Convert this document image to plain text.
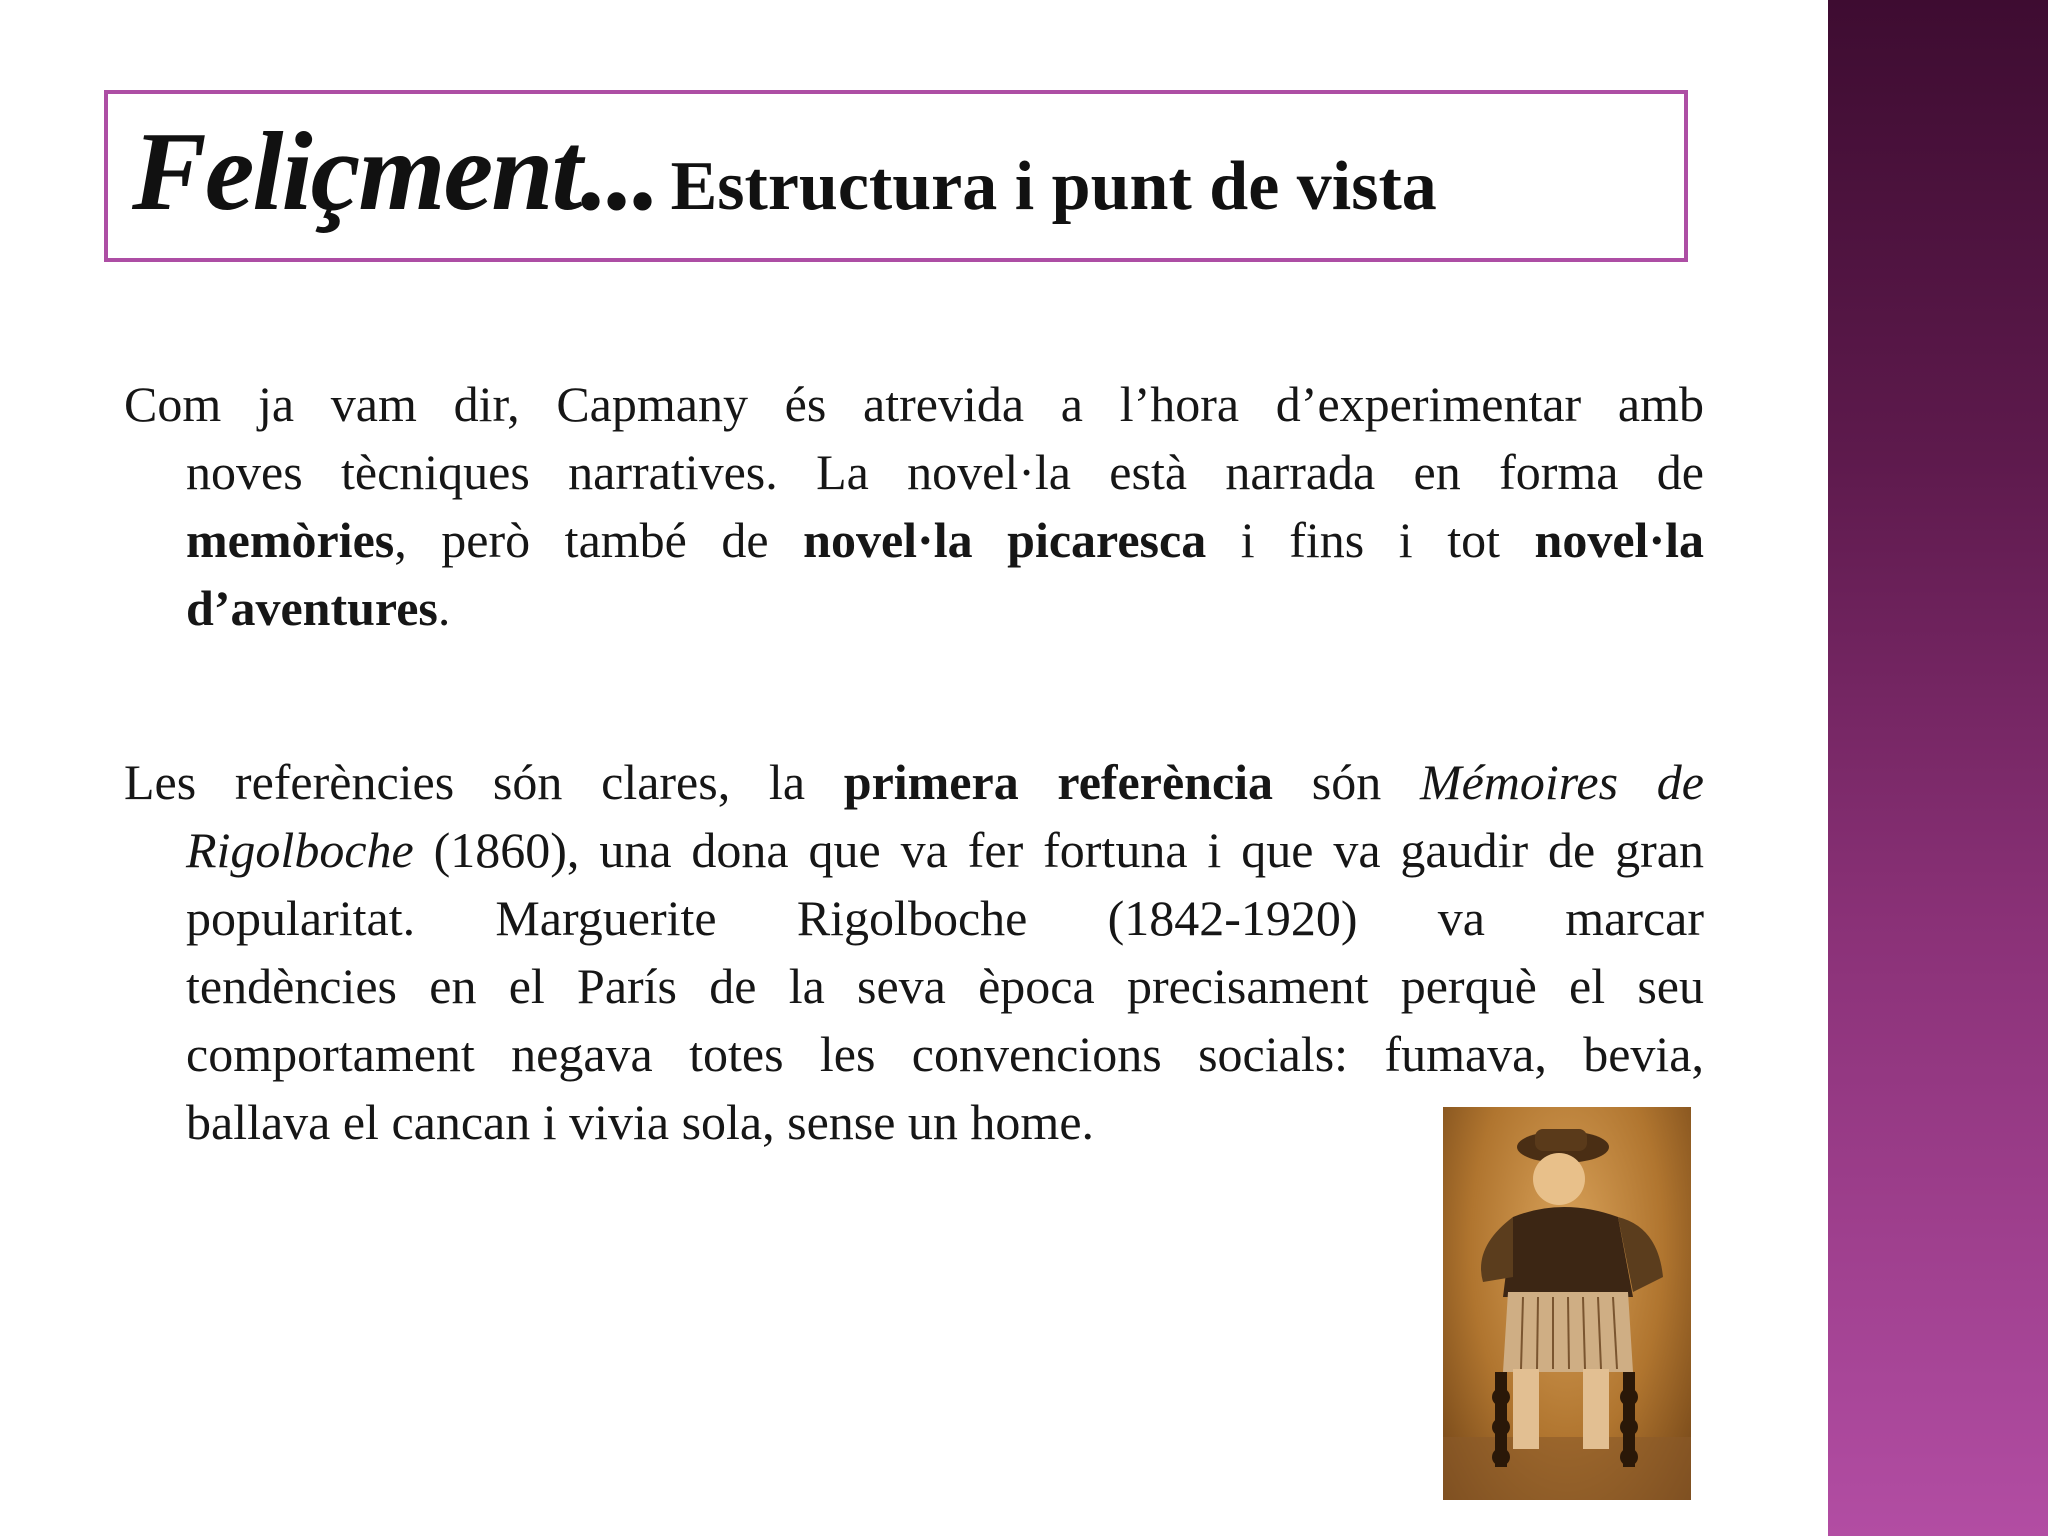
Feliçment... Estructura i punt de vista
Com ja vam dir, Capmany és atrevida a l’hora d’experimentar amb
noves tècniques narratives. La novel·la està narrada en forma de
memòries, però també de novel·la picaresca i fins i tot novel·la
d’aventures.
Les referències són clares, la primera referència són Mémoires de
Rigolboche (1860), una dona que va fer fortuna i que va gaudir de gran
popularitat. Marguerite Rigolboche (1842-1920) va marcar
tendències en el París de la seva època precisament perquè el seu
comportament negava totes les convencions socials: fumava, bevia,
ballava el cancan i vivia sola, sense un home.
